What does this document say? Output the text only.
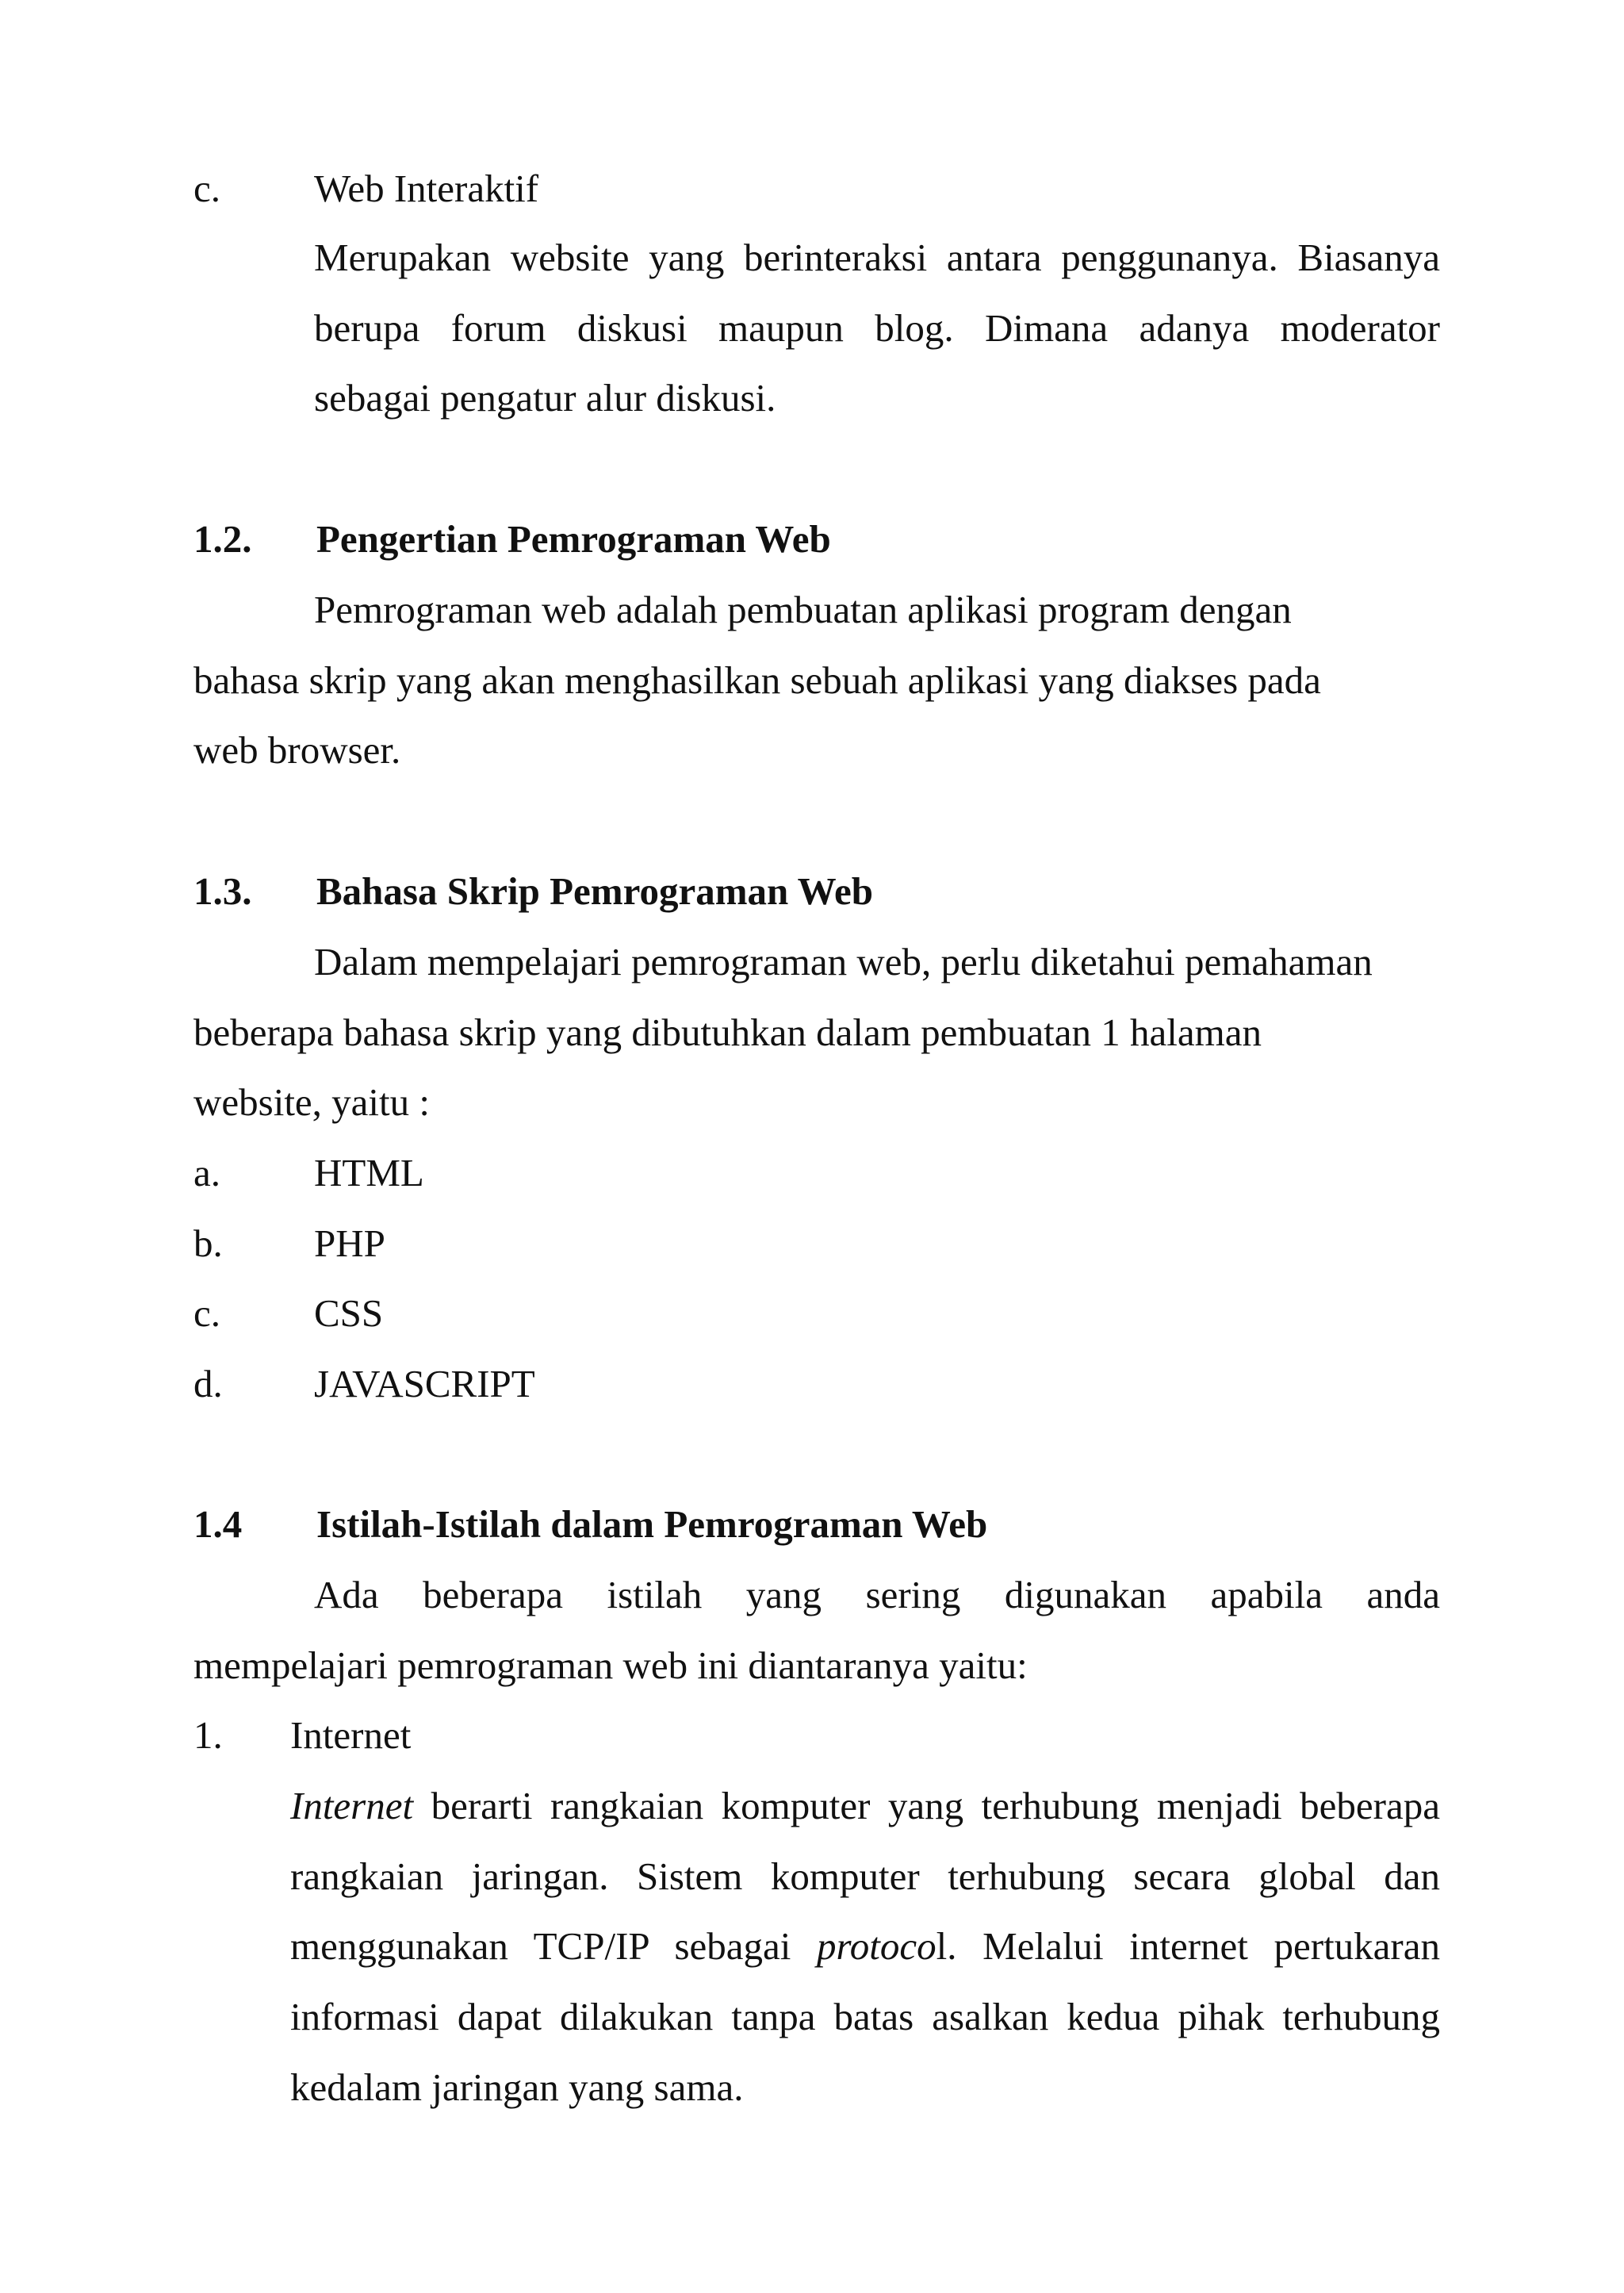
c. Web Interaktif
Merupakan website yang berinteraksi antara penggunanya. Biasanya
berupa forum diskusi maupun blog. Dimana adanya moderator
sebagai pengatur alur diskusi.
1.2. Pengertian Pemrograman Web
Pemrograman web adalah pembuatan aplikasi program dengan
bahasa skrip yang akan menghasilkan sebuah aplikasi yang diakses pada
web browser.
1.3. Bahasa Skrip Pemrograman Web
Dalam mempelajari pemrograman web, perlu diketahui pemahaman
beberapa bahasa skrip yang dibutuhkan dalam pembuatan 1 halaman
website, yaitu :
a. HTML
b. PHP
c. CSS
d. JAVASCRIPT
1.4 Istilah-Istilah dalam Pemrograman Web
Ada beberapa istilah yang sering digunakan apabila anda
mempelajari pemrograman web ini diantaranya yaitu:
1. Internet
Internet berarti rangkaian komputer yang terhubung menjadi beberapa
rangkaian jaringan. Sistem komputer terhubung secara global dan
menggunakan TCP/IP sebagai protocol. Melalui internet pertukaran
informasi dapat dilakukan tanpa batas asalkan kedua pihak terhubung
kedalam jaringan yang sama.
